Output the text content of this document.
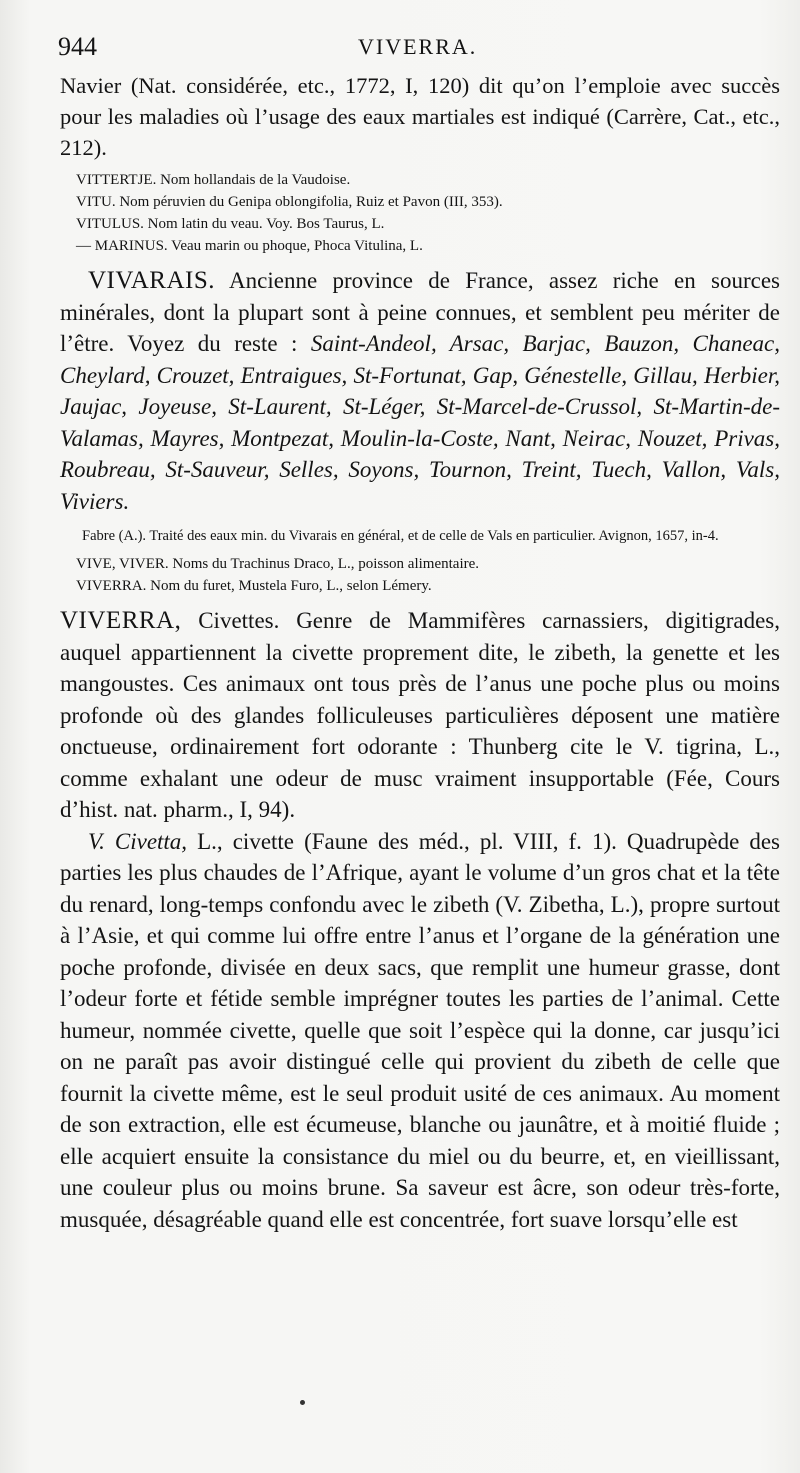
944	VIVERRA.

Navier (Nat. considérée, etc., 1772, I, 120) dit qu’on l’emploie avec succès pour les maladies où l’usage des eaux martiales est indiqué (Carrère, Cat., etc., 212).

VITTERTJE. Nom hollandais de la Vaudoise.

VITU. Nom péruvien du Genipa oblongifolia, Ruiz et Pavon (III, 353).

VITULUS. Nom latin du veau. Voy. Bos Taurus, L.

— MARINUS. Veau marin ou phoque, Phoca Vitulina, L.

VIVARAIS. Ancienne province de France, assez riche en sources minérales, dont la plupart sont à peine connues, et semblent peu mériter de l’être. Voyez du reste : Saint-Andeol, Arsac, Barjac, Bauzon, Chaneac, Cheylard, Crouzet, Entraigues, St-Fortunat, Gap, Génestelle, Gillau, Herbier, Jaujac, Joyeuse, St-Laurent, St-Léger, St-Marcel-de-Crussol, St-Martin-de-Valamas, Mayres, Montpezat, Moulin-la-Coste, Nant, Neirac, Nouzet, Privas, Roubreau, St-Sauveur, Selles, Soyons, Tournon, Treint, Tuech, Vallon, Vals, Viviers.

Fabre (A.). Traité des eaux min. du Vivarais en général, et de celle de Vals en particulier. Avignon, 1657, in-4.

VIVE, VIVER. Noms du Trachinus Draco, L., poisson alimentaire.

VIVERRA. Nom du furet, Mustela Furo, L., selon Lémery.

VIVERRA, Civettes. Genre de Mammifères carnassiers, digitigrades, auquel appartiennent la civette proprement dite, le zibeth, la genette et les mangoustes. Ces animaux ont tous près de l’anus une poche plus ou moins profonde où des glandes folliculeuses particulières déposent une matière onctueuse, ordinairement fort odorante : Thunberg cite le V. tigrina, L., comme exhalant une odeur de musc vraiment insupportable (Fée, Cours d’hist. nat. pharm., I, 94).

V. Civetta, L., civette (Faune des méd., pl. VIII, f. 1). Quadrupède des parties les plus chaudes de l’Afrique, ayant le volume d’un gros chat et la tête du renard, long-temps confondu avec le zibeth (V. Zibetha, L.), propre surtout à l’Asie, et qui comme lui offre entre l’anus et l’organe de la génération une poche profonde, divisée en deux sacs, que remplit une humeur grasse, dont l’odeur forte et fétide semble imprégner toutes les parties de l’animal. Cette humeur, nommée civette, quelle que soit l’espèce qui la donne, car jusqu’ici on ne paraît pas avoir distingué celle qui provient du zibeth de celle que fournit la civette même, est le seul produit usité de ces animaux. Au moment de son extraction, elle est écumeuse, blanche ou jaunâtre, et à moitié fluide ; elle acquiert ensuite la consistance du miel ou du beurre, et, en vieillissant, une couleur plus ou moins brune. Sa saveur est âcre, son odeur très-forte, musquée, désagréable quand elle est concentrée, fort suave lorsqu’elle est
